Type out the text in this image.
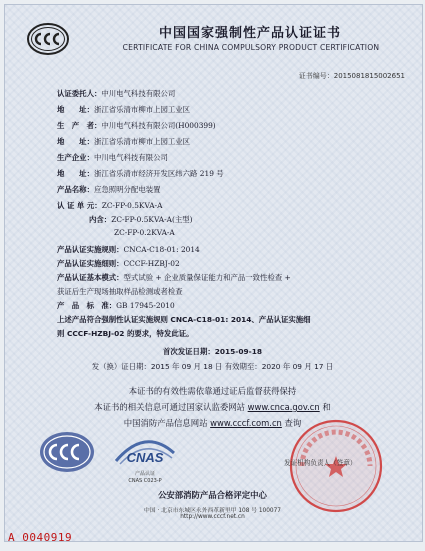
中国国家强制性产品认证证书
CERTIFICATE FOR CHINA COMPULSORY PRODUCT CERTIFICATION
证书编号：2015081815002651
认证委托人：中川电气科技有限公司
地　　址：浙江省乐清市柳市上园工业区
生　产　者：中川电气科技有限公司(H000399)
地　　址：浙江省乐清市柳市上园工业区
生产企业：中川电气科技有限公司
地　　址：浙江省乐清市经济开发区纬六路 219 号
产品名称：应急照明分配电装置
认 证 单 元：ZC-FP-0.5KVA-A
内含：ZC-FP-0.5KVA-A(主型)
ZC-FP-0.2KVA-A
产品认证实施规则：CNCA-C18-01: 2014
产品认证实施细则：CCCF-HZBJ-02
产品认证基本模式：型式试验 + 企业质量保证能力和产品一致性检查 +
获证后生产现场抽取样品检测或者检查
产　品　标　准：GB 17945-2010
上述产品符合强制性认证实施规则 CNCA-C18-01: 2014、产品认证实施细
则 CCCF-HZBJ-02 的要求，特发此证。
首次发证日期：2015-09-18
发（换）证日期：2015 年 09 月 18 日 有效期至：2020 年 09 月 17 日
本证书的有效性需依靠通过证后监督获得保持
本证书的相关信息可通过国家认监委网站 www.cnca.gov.cn 和
中国消防产品信息网站 www.cccf.com.cn 查询
CNAS
产品认证
CNAS C023-P
发证机构负责人（签章）
公安部消防产品合格评定中心
中国 · 北京市东城区永外西革新里甲 108 号 100077
http://www.cccf.net.cn
A 0040919
